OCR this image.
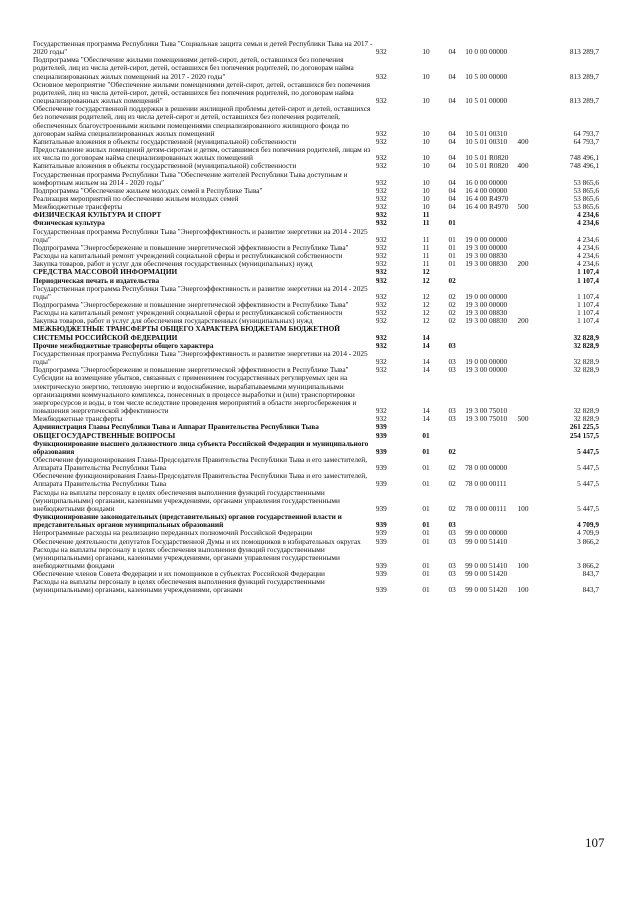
Государственная программа Республики Тыва "Социальная защита семьи и детей Республики Тыва на 2017 - 2020 годы"	932	10	04	10 0 00 00000		813 289,7
Подпрограмма "Обеспечение жилыми помещениями детей-сирот, детей, оставшихся без попечения родителей, лиц из числа детей-сирот, детей, оставшихся без попечения родителей, по договорам найма специализированных жилых помещений на 2017 - 2020 годы"	932	10	04	10 5 00 00000		813 289,7
Основное мероприятие "Обеспечение жилыми помещениями детей-сирот, детей, оставшихся без попечения родителей, лиц из числа детей-сирот, детей, оставшихся без попечения родителей, по договорам найма специализированных жилых помещений"	932	10	04	10 5 01 00000		813 289,7
Обеспечение государственной поддержки в решении жилищной проблемы детей-сирот и детей, оставшихся без попечения родителей, лиц из числа детей-сирот и детей, оставшихся без попечения родителей, обеспеченных благоустроенными жилыми помещениями специализированного жилищного фонда по договорам найма специализированных жилых помещений	932	10	04	10 5 01 00310		64 793,7
Капитальные вложения в объекты государственной (муниципальной) собственности	932	10	04	10 5 01 00310	400	64 793,7
Предоставление жилых помещений детям-сиротам и детям, оставшимся без попечения родителей, лицам из их числа по договорам найма специализированных жилых помещений	932	10	04	10 5 01 R0820		748 496,1
Капитальные вложения в объекты государственной (муниципальной) собственности	932	10	04	10 5 01 R0820	400	748 496,1
Государственная программа Республики Тыва "Обеспечение жителей Республики Тыва доступным и комфортным жильем на 2014 - 2020 годы"	932	10	04	16 0 00 00000		53 865,6
Подпрограмма "Обеспечение жильем молодых семей в Республике Тыва"	932	10	04	16 4 00 00000		53 865,6
Реализация мероприятий по обеспечению жильем молодых семей	932	10	04	16 4 00 R4970		53 865,6
Межбюджетные трансферты	932	10	04	16 4 00 R4970	500	53 865,6
ФИЗИЧЕСКАЯ КУЛЬТУРА И СПОРТ	932	11				4 234,6
Физическая культура	932	11	01			4 234,6
Государственная программа Республики Тыва "Энергоэффективность и развитие энергетики на 2014 - 2025 годы"	932	11	01	19 0 00 00000		4 234,6
Подпрограмма "Энергосбережение и повышение энергетической эффективности в Республике Тыва"	932	11	01	19 3 00 00000		4 234,6
Расходы на капитальный ремонт учреждений социальной сферы и республиканской собственности	932	11	01	19 3 00 08830		4 234,6
Закупка товаров, работ и услуг для обеспечения государственных (муниципальных) нужд	932	11	01	19 3 00 08830	200	4 234,6
СРЕДСТВА МАССОВОЙ ИНФОРМАЦИИ	932	12				1 107,4
Периодическая печать и издательства	932	12	02			1 107,4
Государственная программа Республики Тыва "Энергоэффективность и развитие энергетики на 2014 - 2025 годы"	932	12	02	19 0 00 00000		1 107,4
Подпрограмма "Энергосбережение и повышение энергетической эффективности в Республике Тыва"	932	12	02	19 3 00 00000		1 107,4
Расходы на капитальный ремонт учреждений социальной сферы и республиканской собственности	932	12	02	19 3 00 08830		1 107,4
Закупка товаров, работ и услуг для обеспечения государственных (муниципальных) нужд	932	12	02	19 3 00 08830	200	1 107,4
МЕЖБЮДЖЕТНЫЕ ТРАНСФЕРТЫ ОБЩЕГО ХАРАКТЕРА БЮДЖЕТАМ БЮДЖЕТНОЙ СИСТЕМЫ РОССИЙСКОЙ ФЕДЕРАЦИИ	932	14				32 828,9
Прочие межбюджетные трансферты общего характера	932	14	03			32 828,9
Государственная программа Республики Тыва "Энергоэффективность и развитие энергетики на 2014 - 2025 годы"	932	14	03	19 0 00 00000		32 828,9
Подпрограмма "Энергосбережение и повышение энергетической эффективности в Республике Тыва"	932	14	03	19 3 00 00000		32 828,9
Субсидии на возмещение убытков, связанных с применением государственных регулируемых цен на электрическую энергию, тепловую энергию и водоснабжение, вырабатываемыми муниципальными организациями коммунального комплекса, понесенных в процессе выработки и (или) транспортировки энергоресурсов и воды, в том числе вследствие проведения мероприятий в области энергосбережения и повышения энергетической эффективности	932	14	03	19 3 00 75010		32 828,9
Межбюджетные трансферты	932	14	03	19 3 00 75010	500	32 828,9
Администрация Главы Республики Тыва и Аппарат Правительства Республики Тыва	939					261 225,5
ОБЩЕГОСУДАРСТВЕННЫЕ ВОПРОСЫ	939	01				254 157,5
Функционирование высшего должностного лица субъекта Российской Федерации и муниципального образования	939	01	02			5 447,5
Обеспечение функционирования Главы-Председателя Правительства Республики Тыва и его заместителей, Аппарата Правительства Республики Тыва	939	01	02	78 0 00 00000		5 447,5
Обеспечение функционирования Главы-Председателя Правительства Республики Тыва и его заместителей, Аппарата Правительства Республики Тыва	939	01	02	78 0 00 00111		5 447,5
Расходы на выплаты персоналу в целях обеспечения выполнения функций государственными (муниципальными) органами, казенными учреждениями, органами управления государственными внебюджетными фондами	939	01	02	78 0 00 00111	100	5 447,5
Функционирование законодательных (представительных) органов государственной власти и представительных органов муниципальных образований	939	01	03			4 709,9
Непрограммные расходы на реализацию переданных полномочий Российской Федерации	939	01	03	99 0 00 00000		4 709,9
Обеспечение деятельности депутатов Государственной Думы и их помощников в избирательных округах	939	01	03	99 0 00 51410		3 866,2
Расходы на выплаты персоналу в целях обеспечения выполнения функций государственными (муниципальными) органами, казенными учреждениями, органами управления государственными внебюджетными фондами	939	01	03	99 0 00 51410	100	3 866,2
Обеспечение членов Совета Федерации и их помощников в субъектах Российской Федерации	939	01	03	99 0 00 51420		843,7
Расходы на выплаты персоналу в целях обеспечения выполнения функций государственными (муниципальными) органами, казенными учреждениями, органами	939	01	03	99 0 00 51420	100	843,7
107
